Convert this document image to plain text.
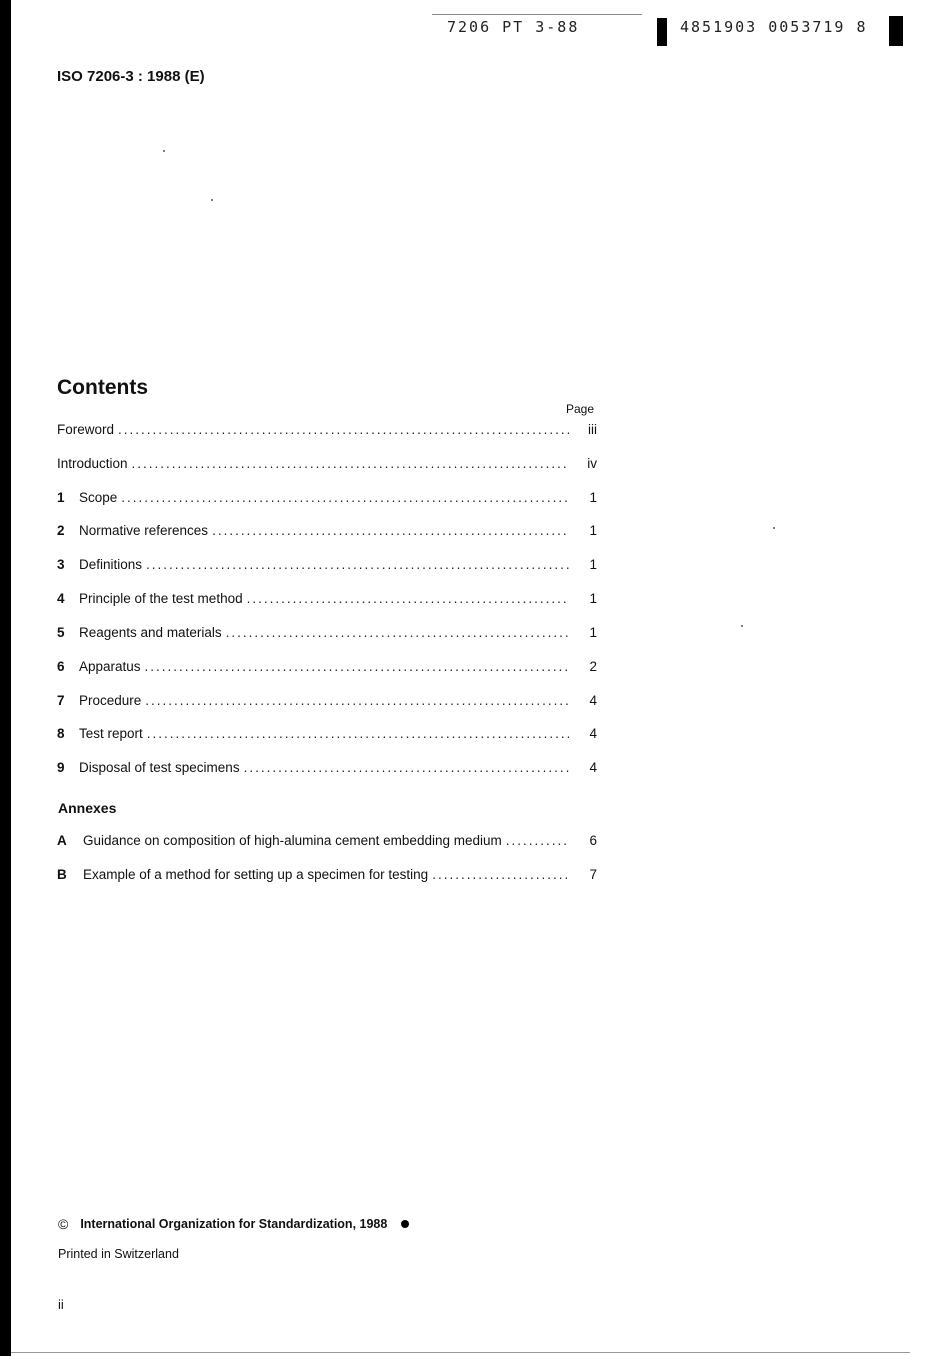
7206 PT 3-88	4851903 0053719 8
ISO 7206-3 : 1988 (E)
Contents
Page
Foreword .....	iii
Introduction .....	iv
1	Scope .....	1
2	Normative references .....	1
3	Definitions .....	1
4	Principle of the test method .....	1
5	Reagents and materials .....	1
6	Apparatus .....	2
7	Procedure .....	4
8	Test report .....	4
9	Disposal of test specimens .....	4
Annexes
A	Guidance on composition of high-alumina cement embedding medium .....	6
B	Example of a method for setting up a specimen for testing .....	7
© International Organization for Standardization, 1988
Printed in Switzerland
ii
